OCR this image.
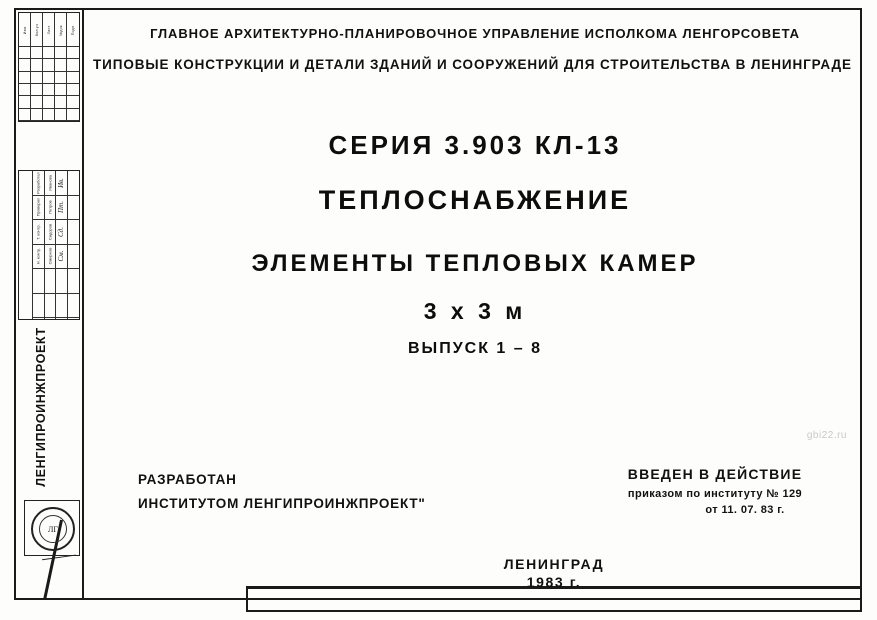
Изм. Кол.уч Лист №док. Подп.
Разработал
Проверил
Т. контр.
Н. контр.
Иванова
Петров
Сидоров
Смирнов
Ив.
Пт.
Сд.
См.
ЛЕНГИПРОИНЖПРОЕКТ
ЛГ
ГЛАВНОЕ АРХИТЕКТУРНО-ПЛАНИРОВОЧНОЕ УПРАВЛЕНИЕ ИСПОЛКОМА ЛЕНГОРСОВЕТА
ТИПОВЫЕ КОНСТРУКЦИИ И ДЕТАЛИ ЗДАНИЙ И СООРУЖЕНИЙ ДЛЯ СТРОИТЕЛЬСТВА В ЛЕНИНГРАДЕ
СЕРИЯ 3.903 КЛ-13
ТЕПЛОСНАБЖЕНИЕ
ЭЛЕМЕНТЫ ТЕПЛОВЫХ КАМЕР
3 х 3 м
ВЫПУСК 1 – 8
РАЗРАБОТАН
ИНСТИТУТОМ ЛЕНГИПРОИНЖПРОЕКТ"
ВВЕДЕН В ДЕЙСТВИЕ
приказом по институту № 129
от 11. 07. 83 г.
gbi22.ru
ЛЕНИНГРАД
1983 г.
